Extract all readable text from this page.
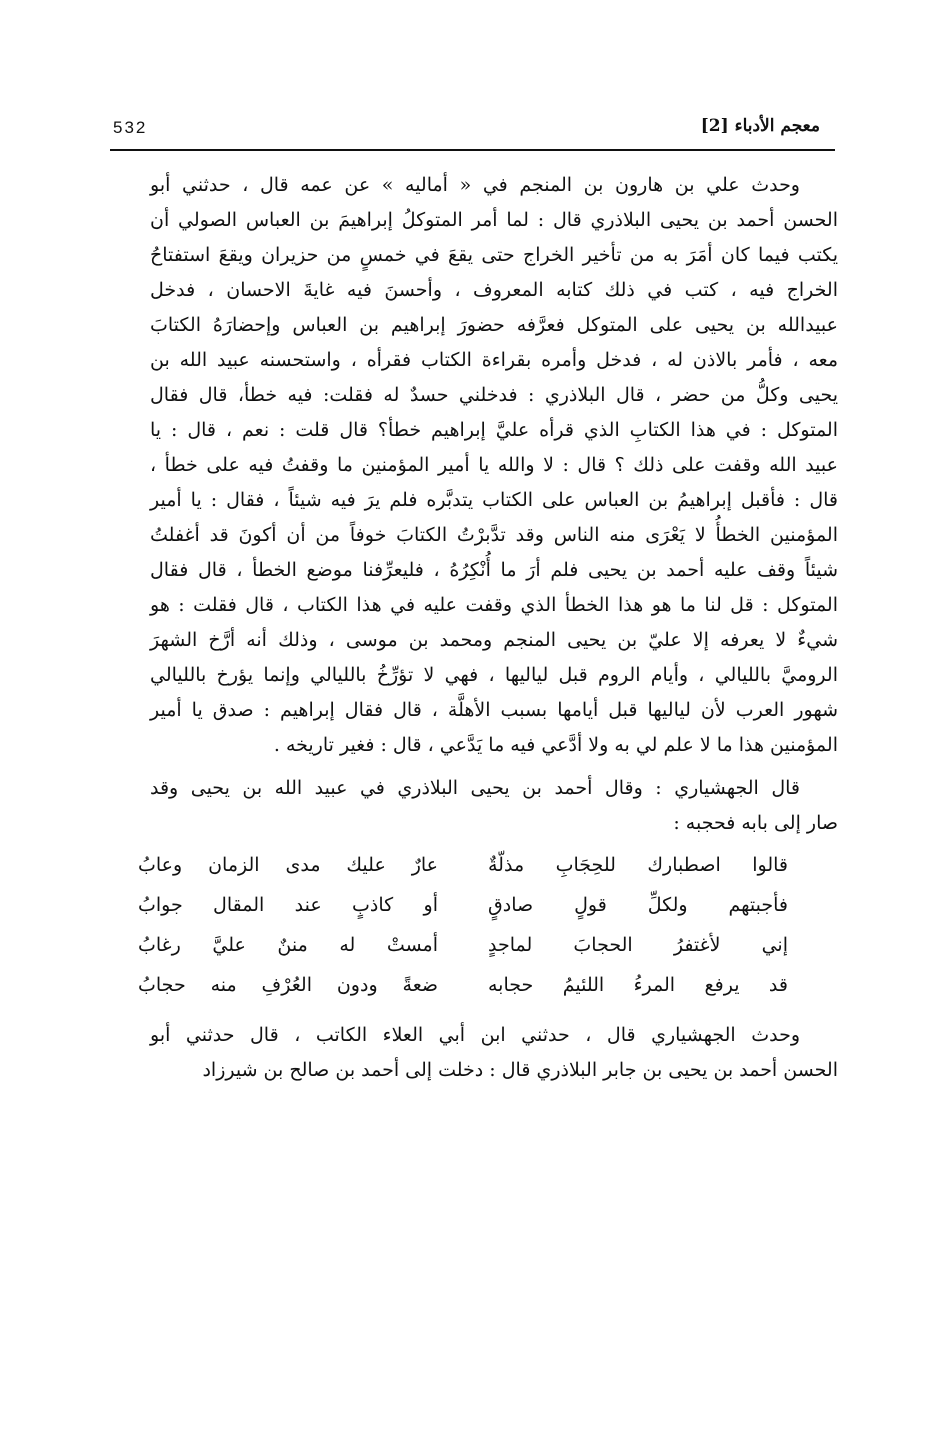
532	معجم الأدباء [2]
وحدث علي بن هارون بن المنجم في « أماليه » عن عمه قال ، حدثني أبو
الحسن أحمد بن يحيى البلاذري قال : لما أمر المتوكلُ إبراهيمَ بن العباس الصولي أن
يكتب فيما كان أمَرَ به من تأخير الخراج حتى يقعَ في خمسٍ من حزيران ويقعَ استفتاحُ
الخراج فيه ، كتب في ذلك كتابه المعروف ، وأحسنَ فيه غايةَ الاحسان ، فدخل
عبيدالله بن يحيى على المتوكل فعرَّفه حضورَ إبراهيم بن العباس وإحضارَهُ الكتابَ
معه ، فأمر بالاذن له ، فدخل وأمره بقراءة الكتاب فقرأه ، واستحسنه عبيد الله بن
يحيى وكلُّ من حضر ، قال البلاذري : فدخلني حسدٌ له فقلت: فيه خطأ، قال فقال
المتوكل : في هذا الكتابِ الذي قرأه عليَّ إبراهيم خطأ؟ قال قلت : نعم ، قال : يا
عبيد الله وقفت على ذلك ؟ قال : لا والله يا أمير المؤمنين ما وقفتُ فيه على خطأ ،
قال : فأقبل إبراهيمُ بن العباس على الكتاب يتدبَّره فلم يرَ فيه شيئاً ، فقال : يا أمير
المؤمنين الخطأُ لا يَعْرَى منه الناس وقد تدَّبرْتُ الكتابَ خوفاً من أن أكونَ قد أغفلتُ
شيئاً وقف عليه أحمد بن يحيى فلم أرَ ما أُنْكِرُهُ ، فليعرِّفنا موضع الخطأ ، قال فقال
المتوكل : قل لنا ما هو هذا الخطأ الذي وقفت عليه في هذا الكتاب ، قال فقلت : هو
شيءٌ لا يعرفه إلا عليّ بن يحيى المنجم ومحمد بن موسى ، وذلك أنه أرَّخ الشهرَ
الروميَّ بالليالي ، وأيام الروم قبل لياليها ، فهي لا تؤرِّخُ بالليالي وإنما يؤرخ بالليالي
شهور العرب لأن لياليها قبل أيامها بسبب الأهلَّة ، قال فقال إبراهيم : صدق يا أمير
المؤمنين هذا ما لا علم لي به ولا أدَّعي فيه ما يَدَّعي ، قال : فغير تاريخه .
قال الجهشياري : وقال أحمد بن يحيى البلاذري في عبيد الله بن يحيى وقد
صار إلى بابه فحجبه :
وحدث الجهشياري قال ، حدثني ابن أبي العلاء الكاتب ، قال حدثني أبو
الحسن أحمد بن يحيى بن جابر البلاذري قال : دخلت إلى أحمد بن صالح بن شيرزاد
قالوا اصطبارك للحِجَابِ مذلّةٌ
عارٌ عليك مدى الزمان وعابُ
فأجبتهم ولكلِّ قولٍ صادقٍ
أو كاذبٍ عند المقال جوابُ
إني لأغتفرُ الحجابَ لماجدٍ
أمستْ له مننٌ عليَّ رغابُ
قد يرفع المرءُ اللئيمُ حجابه
ضعةً ودون العُرْفِ منه حجابُ
